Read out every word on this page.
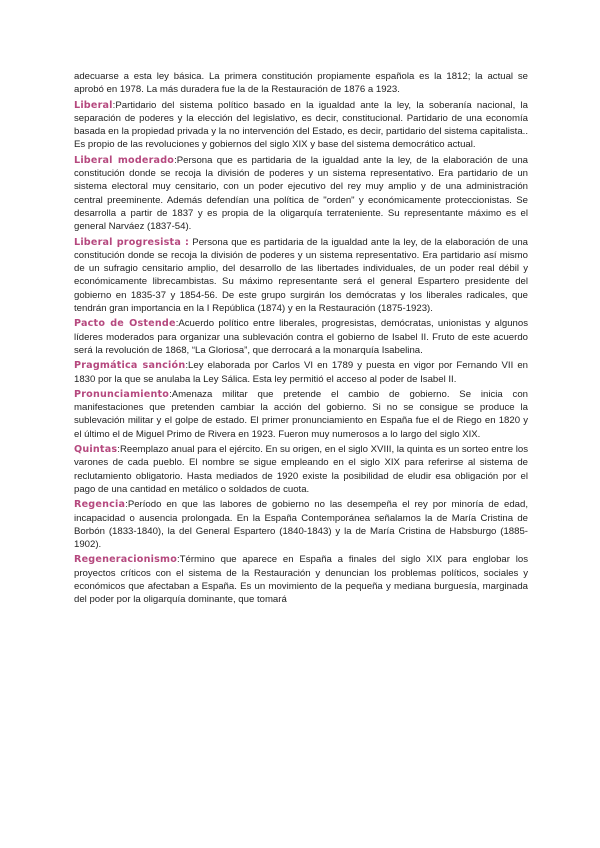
adecuarse a esta ley básica. La primera constitución propiamente española es la 1812; la actual se aprobó en 1978. La más duradera fue la de la Restauración de 1876 a 1923.

Liberal:Partidario del sistema político basado en la igualdad ante la ley, la soberanía nacional, la separación de poderes y la elección del legislativo, es decir, constitucional. Partidario de una economía basada en la propiedad privada y la no intervención del Estado, es decir, partidario del sistema capitalista.. Es propio de las revoluciones y gobiernos del siglo XIX y base del sistema democrático actual.

Liberal moderado:Persona que es partidaria de la igualdad ante la ley, de la elaboración de una constitución donde se recoja la división de poderes y un sistema representativo. Era partidario de un sistema electoral muy censitario, con un poder ejecutivo del rey muy amplio y de una administración central preeminente. Además defendían una política de "orden" y económicamente proteccionistas. Se desarrolla a partir de 1837 y es propia de la oligarquía terrateniente. Su representante máximo es el general Narváez (1837-54).

Liberal progresista : Persona que es partidaria de la igualdad ante la ley, de la elaboración de una constitución donde se recoja la división de poderes y un sistema representativo. Era partidario así mismo de un sufragio censitario amplio, del desarrollo de las libertades individuales, de un poder real débil y económicamente librecambistas. Su máximo representante será el general Espartero presidente del gobierno en 1835-37 y 1854-56. De este grupo surgirán los demócratas y los liberales radicales, que tendrán gran importancia en la I República (1874) y en la Restauración (1875-1923).

Pacto de Ostende:Acuerdo político entre liberales, progresistas, demócratas, unionistas y algunos líderes moderados para organizar una sublevación contra el gobierno de Isabel II. Fruto de este acuerdo será la revolución de 1868, “La Gloriosa”, que derrocará a la monarquía Isabelina.

Pragmática sanción:Ley elaborada por Carlos VI en 1789 y puesta en vigor por Fernando VII en 1830 por la que se anulaba la Ley Sálica. Esta ley permitió el acceso al poder de Isabel II.

Pronunciamiento:Amenaza militar que pretende el cambio de gobierno. Se inicia con manifestaciones que pretenden cambiar la acción del gobierno. Si no se consigue se produce la sublevación militar y el golpe de estado. El primer pronunciamiento en España fue el de Riego en 1820 y el último el de Miguel Primo de Rivera en 1923. Fueron muy numerosos a lo largo del siglo XIX.

Quintas:Reemplazo anual para el ejército. En su origen, en el siglo XVIII, la quinta es un sorteo entre los varones de cada pueblo. El nombre se sigue empleando en el siglo XIX para referirse al sistema de reclutamiento obligatorio. Hasta mediados de 1920 existe la posibilidad de eludir esa obligación por el pago de una cantidad en metálico o soldados de cuota.

Regencia:Período en que las labores de gobierno no las desempeña el rey por minoría de edad, incapacidad o ausencia prolongada. En la España Contemporánea señalamos la de María Cristina de Borbón (1833-1840), la del General Espartero (1840-1843) y la de María Cristina de Habsburgo (1885-1902).

Regeneracionismo:Término que aparece en España a finales del siglo XIX para englobar los proyectos críticos con el sistema de la Restauración y denuncian los problemas políticos, sociales y económicos que afectaban a España. Es un movimiento de la pequeña y mediana burguesía, marginada del poder por la oligarquía dominante, que tomará
